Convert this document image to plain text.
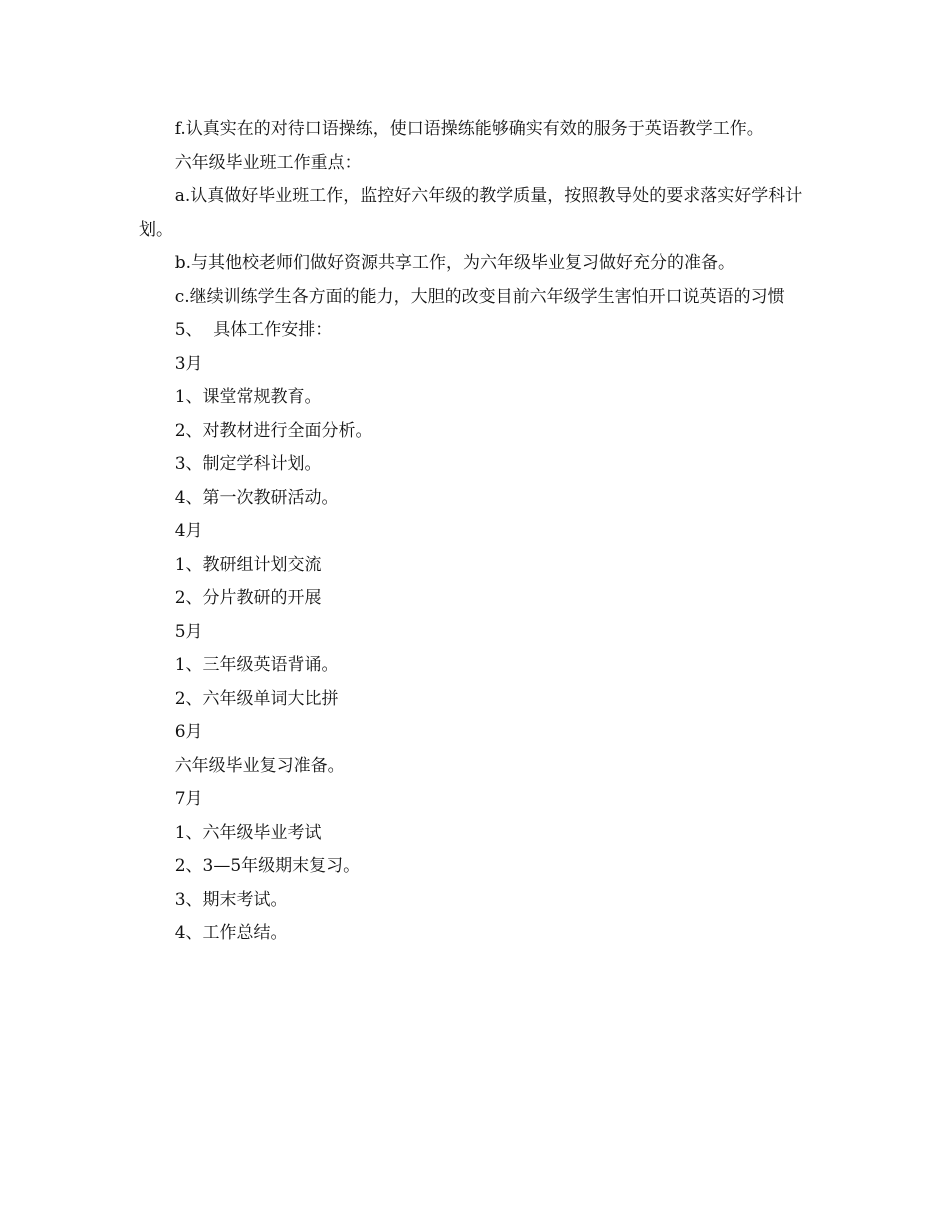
f.认真实在的对待口语操练，使口语操练能够确实有效的服务于英语教学工作。

六年级毕业班工作重点：

a.认真做好毕业班工作，监控好六年级的教学质量，按照教导处的要求落实好学科计划。

b.与其他校老师们做好资源共享工作，为六年级毕业复习做好充分的准备。

c.继续训练学生各方面的能力，大胆的改变目前六年级学生害怕开口说英语的习惯

5、  具体工作安排：

3月

1、课堂常规教育。

2、对教材进行全面分析。

3、制定学科计划。

4、第一次教研活动。

4月

1、教研组计划交流

2、分片教研的开展

5月

1、三年级英语背诵。

2、六年级单词大比拼

6月

六年级毕业复习准备。

7月

1、六年级毕业考试

2、3—5年级期末复习。

3、期末考试。

4、工作总结。
